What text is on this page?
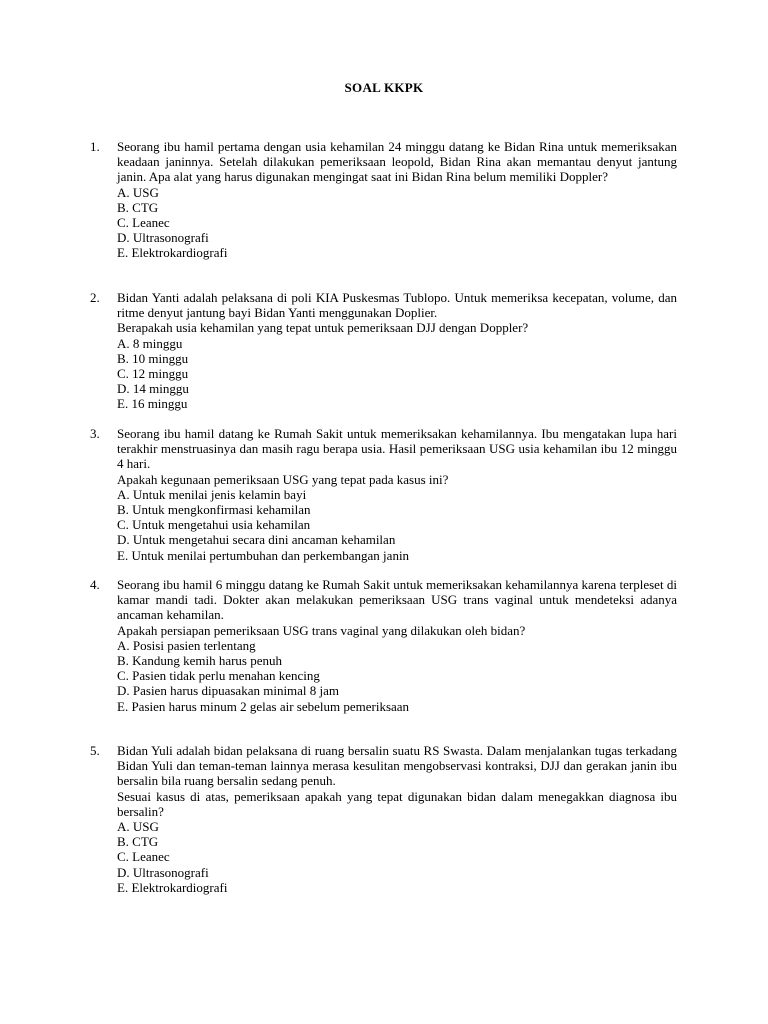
SOAL KKPK
1. Seorang ibu hamil pertama dengan usia kehamilan 24 minggu datang ke Bidan Rina untuk memeriksakan keadaan janinnya. Setelah dilakukan pemeriksaan leopold, Bidan Rina akan memantau denyut jantung janin. Apa alat yang harus digunakan mengingat saat ini Bidan Rina belum memiliki Doppler?

A. USG
B. CTG
C. Leanec
D. Ultrasonografi
E. Elektrokardiografi
2. Bidan Yanti adalah pelaksana di poli KIA Puskesmas Tublopo. Untuk memeriksa kecepatan, volume, dan ritme denyut jantung bayi Bidan Yanti menggunakan Doplier.

Berapakah usia kehamilan yang tepat untuk pemeriksaan DJJ dengan Doppler?

A. 8 minggu
B. 10 minggu
C. 12 minggu
D. 14 minggu
E. 16 minggu
3. Seorang ibu hamil datang ke Rumah Sakit untuk memeriksakan kehamilannya. Ibu mengatakan lupa hari terakhir menstruasinya dan masih ragu berapa usia. Hasil pemeriksaan USG usia kehamilan ibu 12 minggu 4 hari.

Apakah kegunaan pemeriksaan USG yang tepat pada kasus ini?

A. Untuk menilai jenis kelamin bayi
B. Untuk mengkonfirmasi kehamilan
C. Untuk mengetahui usia kehamilan
D. Untuk mengetahui secara dini ancaman kehamilan
E. Untuk menilai pertumbuhan dan perkembangan janin
4. Seorang ibu hamil 6 minggu datang ke Rumah Sakit untuk memeriksakan kehamilannya karena terpleset di kamar mandi tadi. Dokter akan melakukan pemeriksaan USG trans vaginal untuk mendeteksi adanya ancaman kehamilan.

Apakah persiapan pemeriksaan USG trans vaginal yang dilakukan oleh bidan?

A. Posisi pasien terlentang
B. Kandung kemih harus penuh
C. Pasien tidak perlu menahan kencing
D. Pasien harus dipuasakan minimal 8 jam
E. Pasien harus minum 2 gelas air sebelum pemeriksaan
5. Bidan Yuli adalah bidan pelaksana di ruang bersalin suatu RS Swasta. Dalam menjalankan tugas terkadang Bidan Yuli dan teman-teman lainnya merasa kesulitan mengobservasi kontraksi, DJJ dan gerakan janin ibu bersalin bila ruang bersalin sedang penuh.

Sesuai kasus di atas, pemeriksaan apakah yang tepat digunakan bidan dalam menegakkan diagnosa ibu bersalin?

A. USG
B. CTG
C. Leanec
D. Ultrasonografi
E. Elektrokardiografi
